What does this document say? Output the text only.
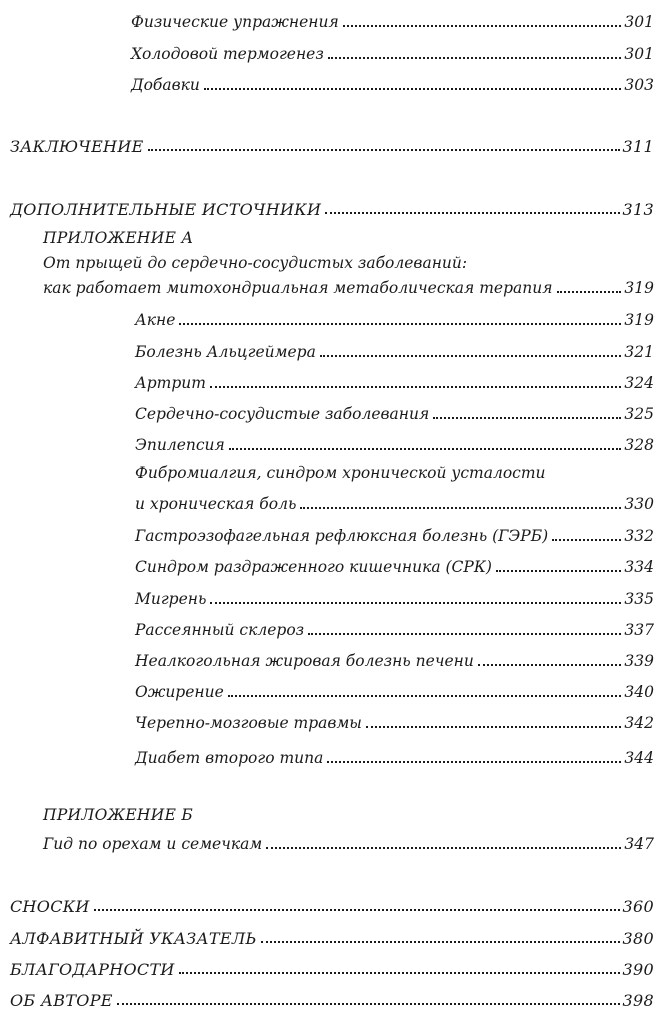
Физические упражнения	301
Холодовой термогенез	301
Добавки	303
ЗАКЛЮЧЕНИЕ	311
ДОПОЛНИТЕЛЬНЫЕ ИСТОЧНИКИ	313
ПРИЛОЖЕНИЕ А
От прыщей до сердечно-сосудистых заболеваний:
как работает митохондриальная метаболическая терапия	319
Акне	319
Болезнь Альцгеймера	321
Артрит	324
Сердечно-сосудистые заболевания	325
Эпилепсия	328
Фибромиалгия, синдром хронической усталости
и хроническая боль	330
Гастроэзофагельная рефлюксная болезнь (ГЭРБ)	332
Синдром раздраженного кишечника (СРК)	334
Мигрень	335
Рассеянный склероз	337
Неалкогольная жировая болезнь печени	339
Ожирение	340
Черепно-мозговые травмы	342
Диабет второго типа	344
ПРИЛОЖЕНИЕ Б
Гид по орехам и семечкам	347
СНОСКИ	360
АЛФАВИТНЫЙ УКАЗАТЕЛЬ	380
БЛАГОДАРНОСТИ	390
ОБ АВТОРЕ	398
